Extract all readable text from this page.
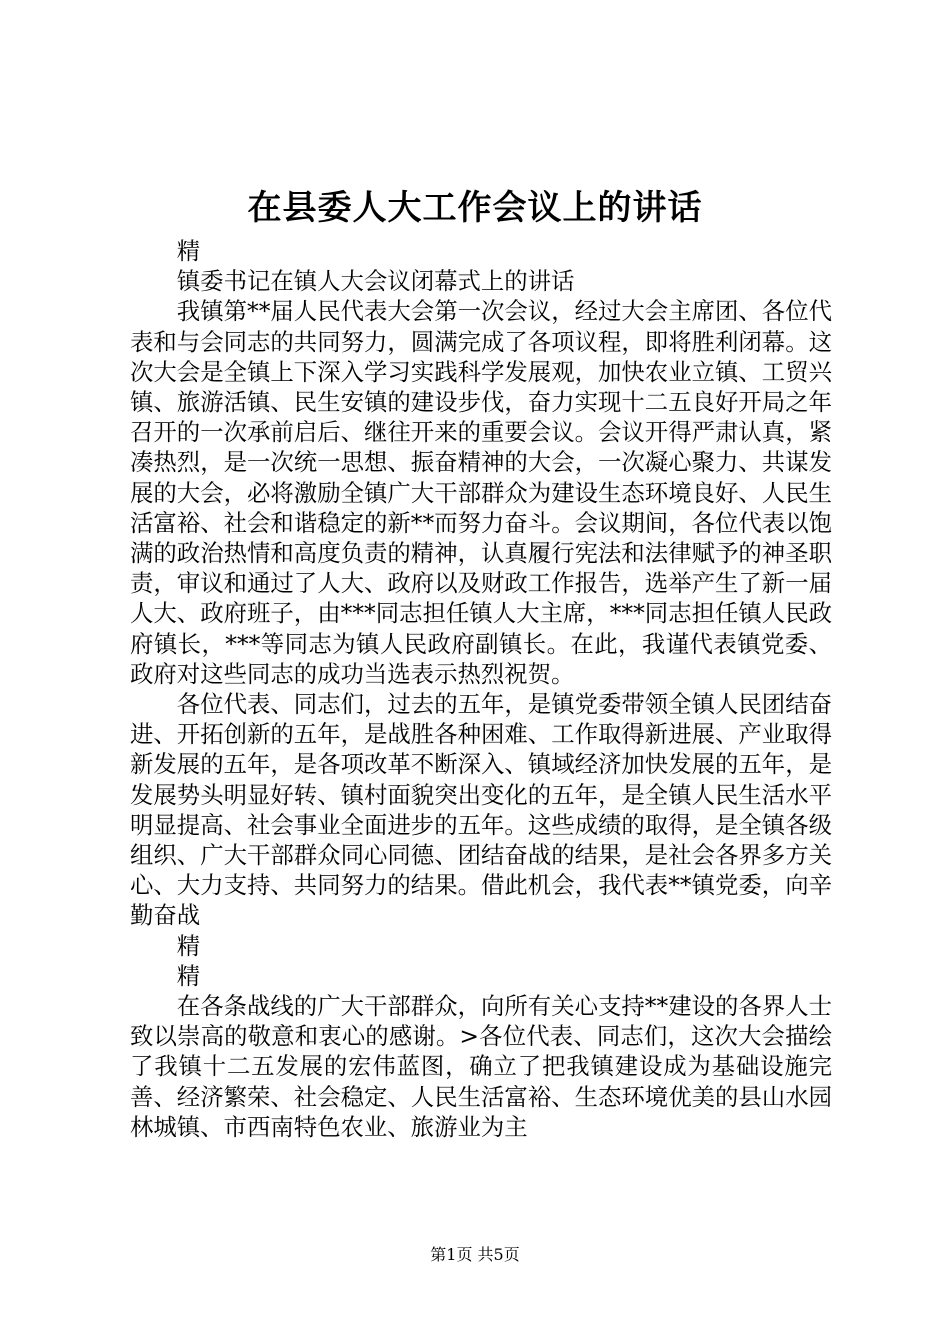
在县委人大工作会议上的讲话

精

镇委书记在镇人大会议闭幕式上的讲话

我镇第**届人民代表大会第一次会议，经过大会主席团、各位代表和与会同志的共同努力，圆满完成了各项议程，即将胜利闭幕。这次大会是全镇上下深入学习实践科学发展观，加快农业立镇、工贸兴镇、旅游活镇、民生安镇的建设步伐，奋力实现十二五良好开局之年召开的一次承前启后、继往开来的重要会议。会议开得严肃认真，紧凑热烈，是一次统一思想、振奋精神的大会，一次凝心聚力、共谋发展的大会，必将激励全镇广大干部群众为建设生态环境良好、人民生活富裕、社会和谐稳定的新**而努力奋斗。会议期间，各位代表以饱满的政治热情和高度负责的精神，认真履行宪法和法律赋予的神圣职责，审议和通过了人大、政府以及财政工作报告，选举产生了新一届人大、政府班子，由***同志担任镇人大主席，***同志担任镇人民政府镇长，***等同志为镇人民政府副镇长。在此，我谨代表镇党委、政府对这些同志的成功当选表示热烈祝贺。

各位代表、同志们，过去的五年，是镇党委带领全镇人民团结奋进、开拓创新的五年，是战胜各种困难、工作取得新进展、产业取得新发展的五年，是各项改革不断深入、镇域经济加快发展的五年，是发展势头明显好转、镇村面貌突出变化的五年，是全镇人民生活水平明显提高、社会事业全面进步的五年。这些成绩的取得，是全镇各级组织、广大干部群众同心同德、团结奋战的结果，是社会各界多方关心、大力支持、共同努力的结果。借此机会，我代表**镇党委，向辛勤奋战

精

精

在各条战线的广大干部群众，向所有关心支持**建设的各界人士致以崇高的敬意和衷心的感谢。>各位代表、同志们，这次大会描绘了我镇十二五发展的宏伟蓝图，确立了把我镇建设成为基础设施完善、经济繁荣、社会稳定、人民生活富裕、生态环境优美的县山水园林城镇、市西南特色农业、旅游业为主

第1页 共5页
